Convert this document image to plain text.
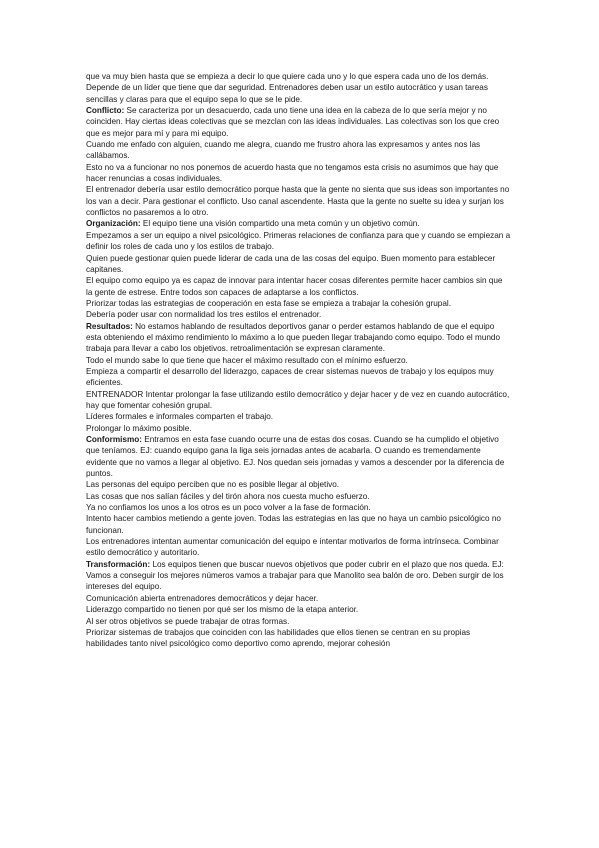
que va muy bien hasta que se empieza a decir lo que quiere cada uno y lo que espera cada uno de los demás.

Depende de un líder que tiene que dar seguridad. Entrenadores deben usar un estilo autocrático y usan tareas sencillas y claras para que el equipo sepa lo que se le pide.

Conflicto: Se caracteriza por un desacuerdo, cada uno tiene una idea en la cabeza de lo que sería mejor y no coinciden. Hay ciertas ideas colectivas que se mezclan con las ideas individuales. Las colectivas son los que creo que es mejor para mí y para mi equipo.

Cuando me enfado con alguien, cuando me alegra, cuando me frustro ahora las expresamos y antes nos las callábamos.

Esto no va a funcionar no nos ponemos de acuerdo hasta que no tengamos esta crisis no asumimos que hay que hacer renuncias a cosas individuales.

El entrenador debería usar estilo democrático porque hasta que la gente no sienta que sus ideas son importantes no los van a decir. Para gestionar el conflicto. Uso canal ascendente. Hasta que la gente no suelte su idea y surjan los conflictos no pasaremos a lo otro.

Organización: El equipo tiene una visión compartido una meta común y un objetivo común.

Empezamos a ser un equipo a nivel psicológico. Primeras relaciones de confianza para que y cuando se empiezan a definir los roles de cada uno y los estilos de trabajo.

Quien puede gestionar quien puede liderar de cada una de las cosas del equipo. Buen momento para establecer capitanes.

El equipo como equipo ya es capaz de innovar para intentar hacer cosas diferentes permite hacer cambios sin que la gente de estrese. Entre todos son capaces de adaptarse a los conflictos.

Priorizar todas las estrategias de cooperación en esta fase se empieza a trabajar la cohesión grupal.

Debería poder usar con normalidad los tres estilos el entrenador.

Resultados: No estamos hablando de resultados deportivos ganar o perder estamos hablando de que el equipo esta obteniendo el máximo rendimiento lo máximo a lo que pueden llegar trabajando como equipo. Todo el mundo trabaja para llevar a cabo los objetivos. retroalimentación se expresan claramente.

Todo el mundo sabe lo que tiene que hacer el máximo resultado con el mínimo esfuerzo.

Empieza a compartir el desarrollo del liderazgo, capaces de crear sistemas nuevos de trabajo y los equipos muy eficientes.

ENTRENADOR Intentar prolongar la fase utilizando estilo democrático y dejar hacer y de vez en cuando autocrático, hay que fomentar cohesión grupal.

Líderes formales e informales comparten el trabajo.

Prolongar lo máximo posible.

Conformismo: Entramos en esta fase cuando ocurre una de estas dos cosas. Cuando se ha cumplido el objetivo que teníamos. EJ: cuando equipo gana la liga seis jornadas antes de acabarla. O cuando es tremendamente evidente que no vamos a llegar al objetivo. EJ. Nos quedan seis jornadas y vamos a descender por la diferencia de puntos.

Las personas del equipo perciben que no es posible llegar al objetivo.

Las cosas que nos salían fáciles y del tirón ahora nos cuesta mucho esfuerzo.

Ya no confiamos los unos a los otros es un poco volver a la fase de formación.

Intento hacer cambios metiendo a gente joven. Todas las estrategias en las que no haya un cambio psicológico no funcionan.

Los entrenadores intentan aumentar comunicación del equipo e intentar motivarlos de forma intrínseca. Combinar estilo democrático y autoritario.

Transformación: Los equipos tienen que buscar nuevos objetivos que poder cubrir en el plazo que nos queda. EJ: Vamos a conseguir los mejores números vamos a trabajar para que Manolito sea balón de oro. Deben surgir de los intereses del equipo.

Comunicación abierta entrenadores democráticos y dejar hacer.

Liderazgo compartido no tienen por qué ser los mismo de la etapa anterior.

Al ser otros objetivos se puede trabajar de otras formas.

Priorizar sistemas de trabajos que coinciden con las habilidades que ellos tienen se centran en su propias habilidades tanto nivel psicológico como deportivo como aprendo, mejorar cohesión
